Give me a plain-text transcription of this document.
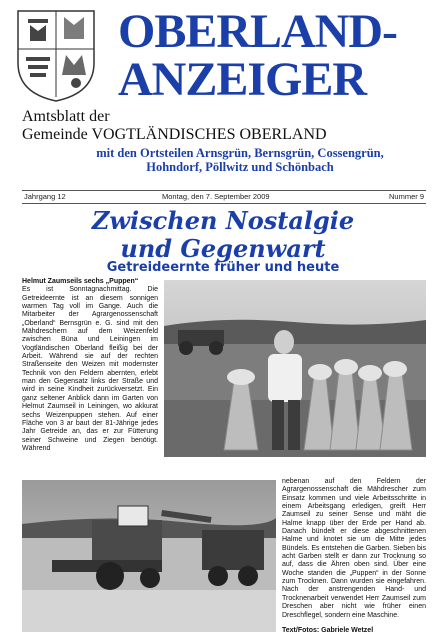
OBERLAND-
ANZEIGER
Amtsblatt der
Gemeinde VOGTLÄNDISCHES OBERLAND
mit den Ortsteilen Arnsgrün, Bernsgrün, Cossengrün,
Hohndorf, Pöllwitz und Schönbach
Jahrgang 12	Montag, den 7. September 2009	Nummer 9
Zwischen Nostalgie
und Gegenwart
Getreideernte früher und heute
Helmut Zaumseils sechs „Puppen“
Es ist Sonntagnachmittag. Die Getreideernte ist an diesem sonnigen warmen Tag voll im Gange. Auch die Mitarbeiter der Agrargenossenschaft „Oberland“ Bernsgrün e. G. sind mit den Mähdreschern auf dem Weizenfeld zwischen Büna und Leiningen im Vogtländischen Oberland fleißig bei der Arbeit. Während sie auf der rechten Straßenseite den Weizen mit modernster Technik von den Feldern abernten, erlebt man den Gegensatz links der Straße und wird in seine Kindheit zurückversetzt. Ein ganz seltener Anblick dann im Garten von Helmut Zaumseil in Leiningen, wo akkurat sechs Weizenpuppen stehen. Auf einer Fläche von 3 ar baut der 81-Jährige jedes Jahr Getreide an, das er zur Fütterung seiner Schweine und Ziegen benötigt. Während
nebenan auf den Feldern der Agrargenossenschaft die Mähdrescher zum Einsatz kommen und viele Arbeitsschritte in einem Arbeitsgang erledigen, greift Herr Zaumseil zu seiner Sense und mäht die Halme knapp über der Erde per Hand ab. Danach bündelt er diese abgeschnittenen Halme und knotet sie um die Mitte jedes Bündels. Es entstehen die Garben. Sieben bis acht Garben stellt er dann zur Trocknung so auf, dass die Ähren oben sind. Über eine Woche standen die „Puppen“ in der Sonne zum Trocknen. Dann wurden sie eingefahren. Nach der anstrengenden Hand- und Trocknenarbeit verwendet Herr Zaumseil zum Dreschen aber nicht wie früher einen Dreschflegel, sondern eine Maschine.
Text/Fotos: Gabriele Wetzel
